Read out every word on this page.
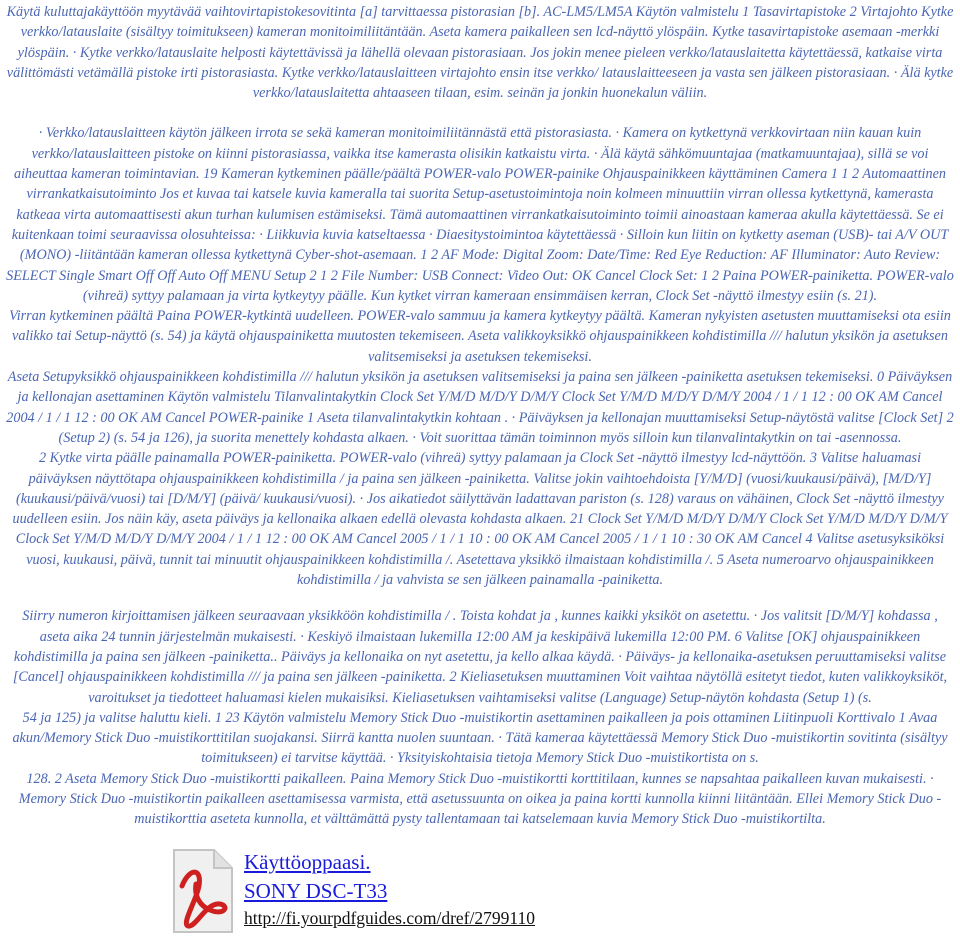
Käytä kuluttajakäyttöön myytävää vaihtovirtapistokesovitinta [a] tarvittaessa pistorasian [b]. AC-LM5/LM5A Käytön valmistelu 1 Tasavirtapistoke 2 Virtajohto Kytke verkko/latauslaite (sisältyy toimitukseen) kameran monitoimiliitäntään. Aseta kamera paikalleen sen lcd-näyttö ylöspäin. Kytke tasavirtapistoke asemaan -merkki ylöspäin. · Kytke verkko/latauslaite helposti käytettävissä ja lähellä olevaan pistorasiaan. Jos jokin menee pieleen verkko/latauslaitetta käytettäessä, katkaise virta välittömästi vetämällä pistoke irti pistorasiasta. Kytke verkko/latauslaitteen virtajohto ensin itse verkko/ latauslaitteeseen ja vasta sen jälkeen pistorasiaan. · Älä kytke verkko/latauslaitetta ahtaaseen tilaan, esim. seinän ja jonkin huonekalun väliin.

· Verkko/latauslaitteen käytön jälkeen irrota se sekä kameran monitoimiliitännästä että pistorasiasta. · Kamera on kytkettynä verkkovirtaan niin kauan kuin verkko/latauslaitteen pistoke on kiinni pistorasiassa, vaikka itse kamerasta olisikin katkaistu virta. · Älä käytä sähkömuuntajaa (matkamuuntajaa), sillä se voi aiheuttaa kameran toimintavian. 19 Kameran kytkeminen päälle/päältä POWER-valo POWER-painike Ohjauspainikkeen käyttäminen Camera 1 1 2 Automaattinen virrankatkaisutoiminto Jos et kuvaa tai katsele kuvia kameralla tai suorita Setup-asetustoimintoja noin kolmeen minuuttiin virran ollessa kytkettynä, kamerasta katkeaa virta automaattisesti akun turhan kulumisen estämiseksi. Tämä automaattinen virrankatkaisutoiminto toimii ainoastaan kameraa akulla käytettäessä. Se ei kuitenkaan toimi seuraavissa olosuhteissa: · Liikkuvia kuvia katseltaessa · Diaesitystoimintoa käytettäessä · Silloin kun liitin on kytketty aseman (USB)- tai A/V OUT (MONO) -liitäntään kameran ollessa kytkettynä Cyber-shot-asemaan. 1 2 AF Mode: Digital Zoom: Date/Time: Red Eye Reduction: AF Illuminator: Auto Review: SELECT Single Smart Off Off Auto Off MENU Setup 2 1 2 File Number: USB Connect: Video Out: OK Cancel Clock Set: 1 2 Paina POWER-painiketta. POWER-valo (vihreä) syttyy palamaan ja virta kytkeytyy päälle. Kun kytket virran kameraan ensimmäisen kerran, Clock Set -näyttö ilmestyy esiin (s. 21).

Virran kytkeminen päältä Paina POWER-kytkintä uudelleen. POWER-valo sammuu ja kamera kytkeytyy päältä. Kameran nykyisten asetusten muuttamiseksi ota esiin valikko tai Setup-näyttö (s. 54) ja käytä ohjauspainiketta muutosten tekemiseen. Aseta valikkoyksikkö ohjauspainikkeen kohdistimilla /// halutun yksikön ja asetuksen valitsemiseksi ja asetuksen tekemiseksi.

Aseta Setupyksikkö ohjauspainikkeen kohdistimilla /// halutun yksikön ja asetuksen valitsemiseksi ja paina sen jälkeen -painiketta asetuksen tekemiseksi. 0 Päiväyksen ja kellonajan asettaminen Käytön valmistelu Tilanvalintakytkin Clock Set Y/M/D M/D/Y D/M/Y Clock Set Y/M/D M/D/Y D/M/Y 2004 / 1 / 1 12 : 00 OK AM Cancel 2004 / 1 / 1 12 : 00 OK AM Cancel POWER-painike 1 Aseta tilanvalintakytkin kohtaan . · Päiväyksen ja kellonajan muuttamiseksi Setup-näytöstä valitse [Clock Set] 2 (Setup 2) (s. 54 ja 126), ja suorita menettely kohdasta alkaen. · Voit suorittaa tämän toiminnon myös silloin kun tilanvalintakytkin on tai -asennossa.

2 Kytke virta päälle painamalla POWER-painiketta. POWER-valo (vihreä) syttyy palamaan ja Clock Set -näyttö ilmestyy lcd-näyttöön. 3 Valitse haluamasi päiväyksen näyttötapa ohjauspainikkeen kohdistimilla / ja paina sen jälkeen -painiketta. Valitse jokin vaihtoehdoista [Y/M/D] (vuosi/kuukausi/päivä), [M/D/Y] (kuukausi/päivä/vuosi) tai [D/M/Y] (päivä/ kuukausi/vuosi). · Jos aikatiedot säilyttävän ladattavan pariston (s. 128) varaus on vähäinen, Clock Set -näyttö ilmestyy uudelleen esiin. Jos näin käy, aseta päiväys ja kellonaika alkaen edellä olevasta kohdasta alkaen. 21 Clock Set Y/M/D M/D/Y D/M/Y Clock Set Y/M/D M/D/Y D/M/Y Clock Set Y/M/D M/D/Y D/M/Y 2004 / 1 / 1 12 : 00 OK AM Cancel 2005 / 1 / 1 10 : 00 OK AM Cancel 2005 / 1 / 1 10 : 30 OK AM Cancel 4 Valitse asetusyksiköksi vuosi, kuukausi, päivä, tunnit tai minuutit ohjauspainikkeen kohdistimilla /. Asetettava yksikkö ilmaistaan kohdistimilla /. 5 Aseta numeroarvo ohjauspainikkeen kohdistimilla / ja vahvista se sen jälkeen painamalla -painiketta.

Siirry numeron kirjoittamisen jälkeen seuraavaan yksikköön kohdistimilla / . Toista kohdat ja , kunnes kaikki yksiköt on asetettu. · Jos valitsit [D/M/Y] kohdassa , aseta aika 24 tunnin järjestelmän mukaisesti. · Keskiyö ilmaistaan lukemilla 12:00 AM ja keskipäivä lukemilla 12:00 PM. 6 Valitse [OK] ohjauspainikkeen kohdistimilla ja paina sen jälkeen -painiketta.. Päiväys ja kellonaika on nyt asetettu, ja kello alkaa käydä. · Päiväys- ja kellonaika-asetuksen peruuttamiseksi valitse [Cancel] ohjauspainikkeen kohdistimilla /// ja paina sen jälkeen -painiketta. 2 Kieliasetuksen muuttaminen Voit vaihtaa näytöllä esitetyt tiedot, kuten valikkoyksiköt, varoitukset ja tiedotteet haluamasi kielen mukaisiksi. Kieliasetuksen vaihtamiseksi valitse (Language) Setup-näytön kohdasta (Setup 1) (s.

54 ja 125) ja valitse haluttu kieli. 1 23 Käytön valmistelu Memory Stick Duo -muistikortin asettaminen paikalleen ja pois ottaminen Liitinpuoli Korttivalo 1 Avaa akun/Memory Stick Duo -muistikorttitilan suojakansi. Siirrä kantta nuolen suuntaan. · Tätä kameraa käytettäessä Memory Stick Duo -muistikortin sovitinta (sisältyy toimitukseen) ei tarvitse käyttää. · Yksityiskohtaisia tietoja Memory Stick Duo -muistikortista on s.

128. 2 Aseta Memory Stick Duo -muistikortti paikalleen. Paina Memory Stick Duo -muistikortti korttitilaan, kunnes se napsahtaa paikalleen kuvan mukaisesti. · Memory Stick Duo -muistikortin paikalleen asettamisessa varmista, että asetussuunta on oikea ja paina kortti kunnolla kiinni liitäntään. Ellei Memory Stick Duo -muistikorttia aseteta kunnolla, et välttämättä pysty tallentamaan tai katselemaan kuvia Memory Stick Duo -muistikortilta.

Käyttöoppaasi.
SONY DSC-T33
http://fi.yourpdfguides.com/dref/2799110
